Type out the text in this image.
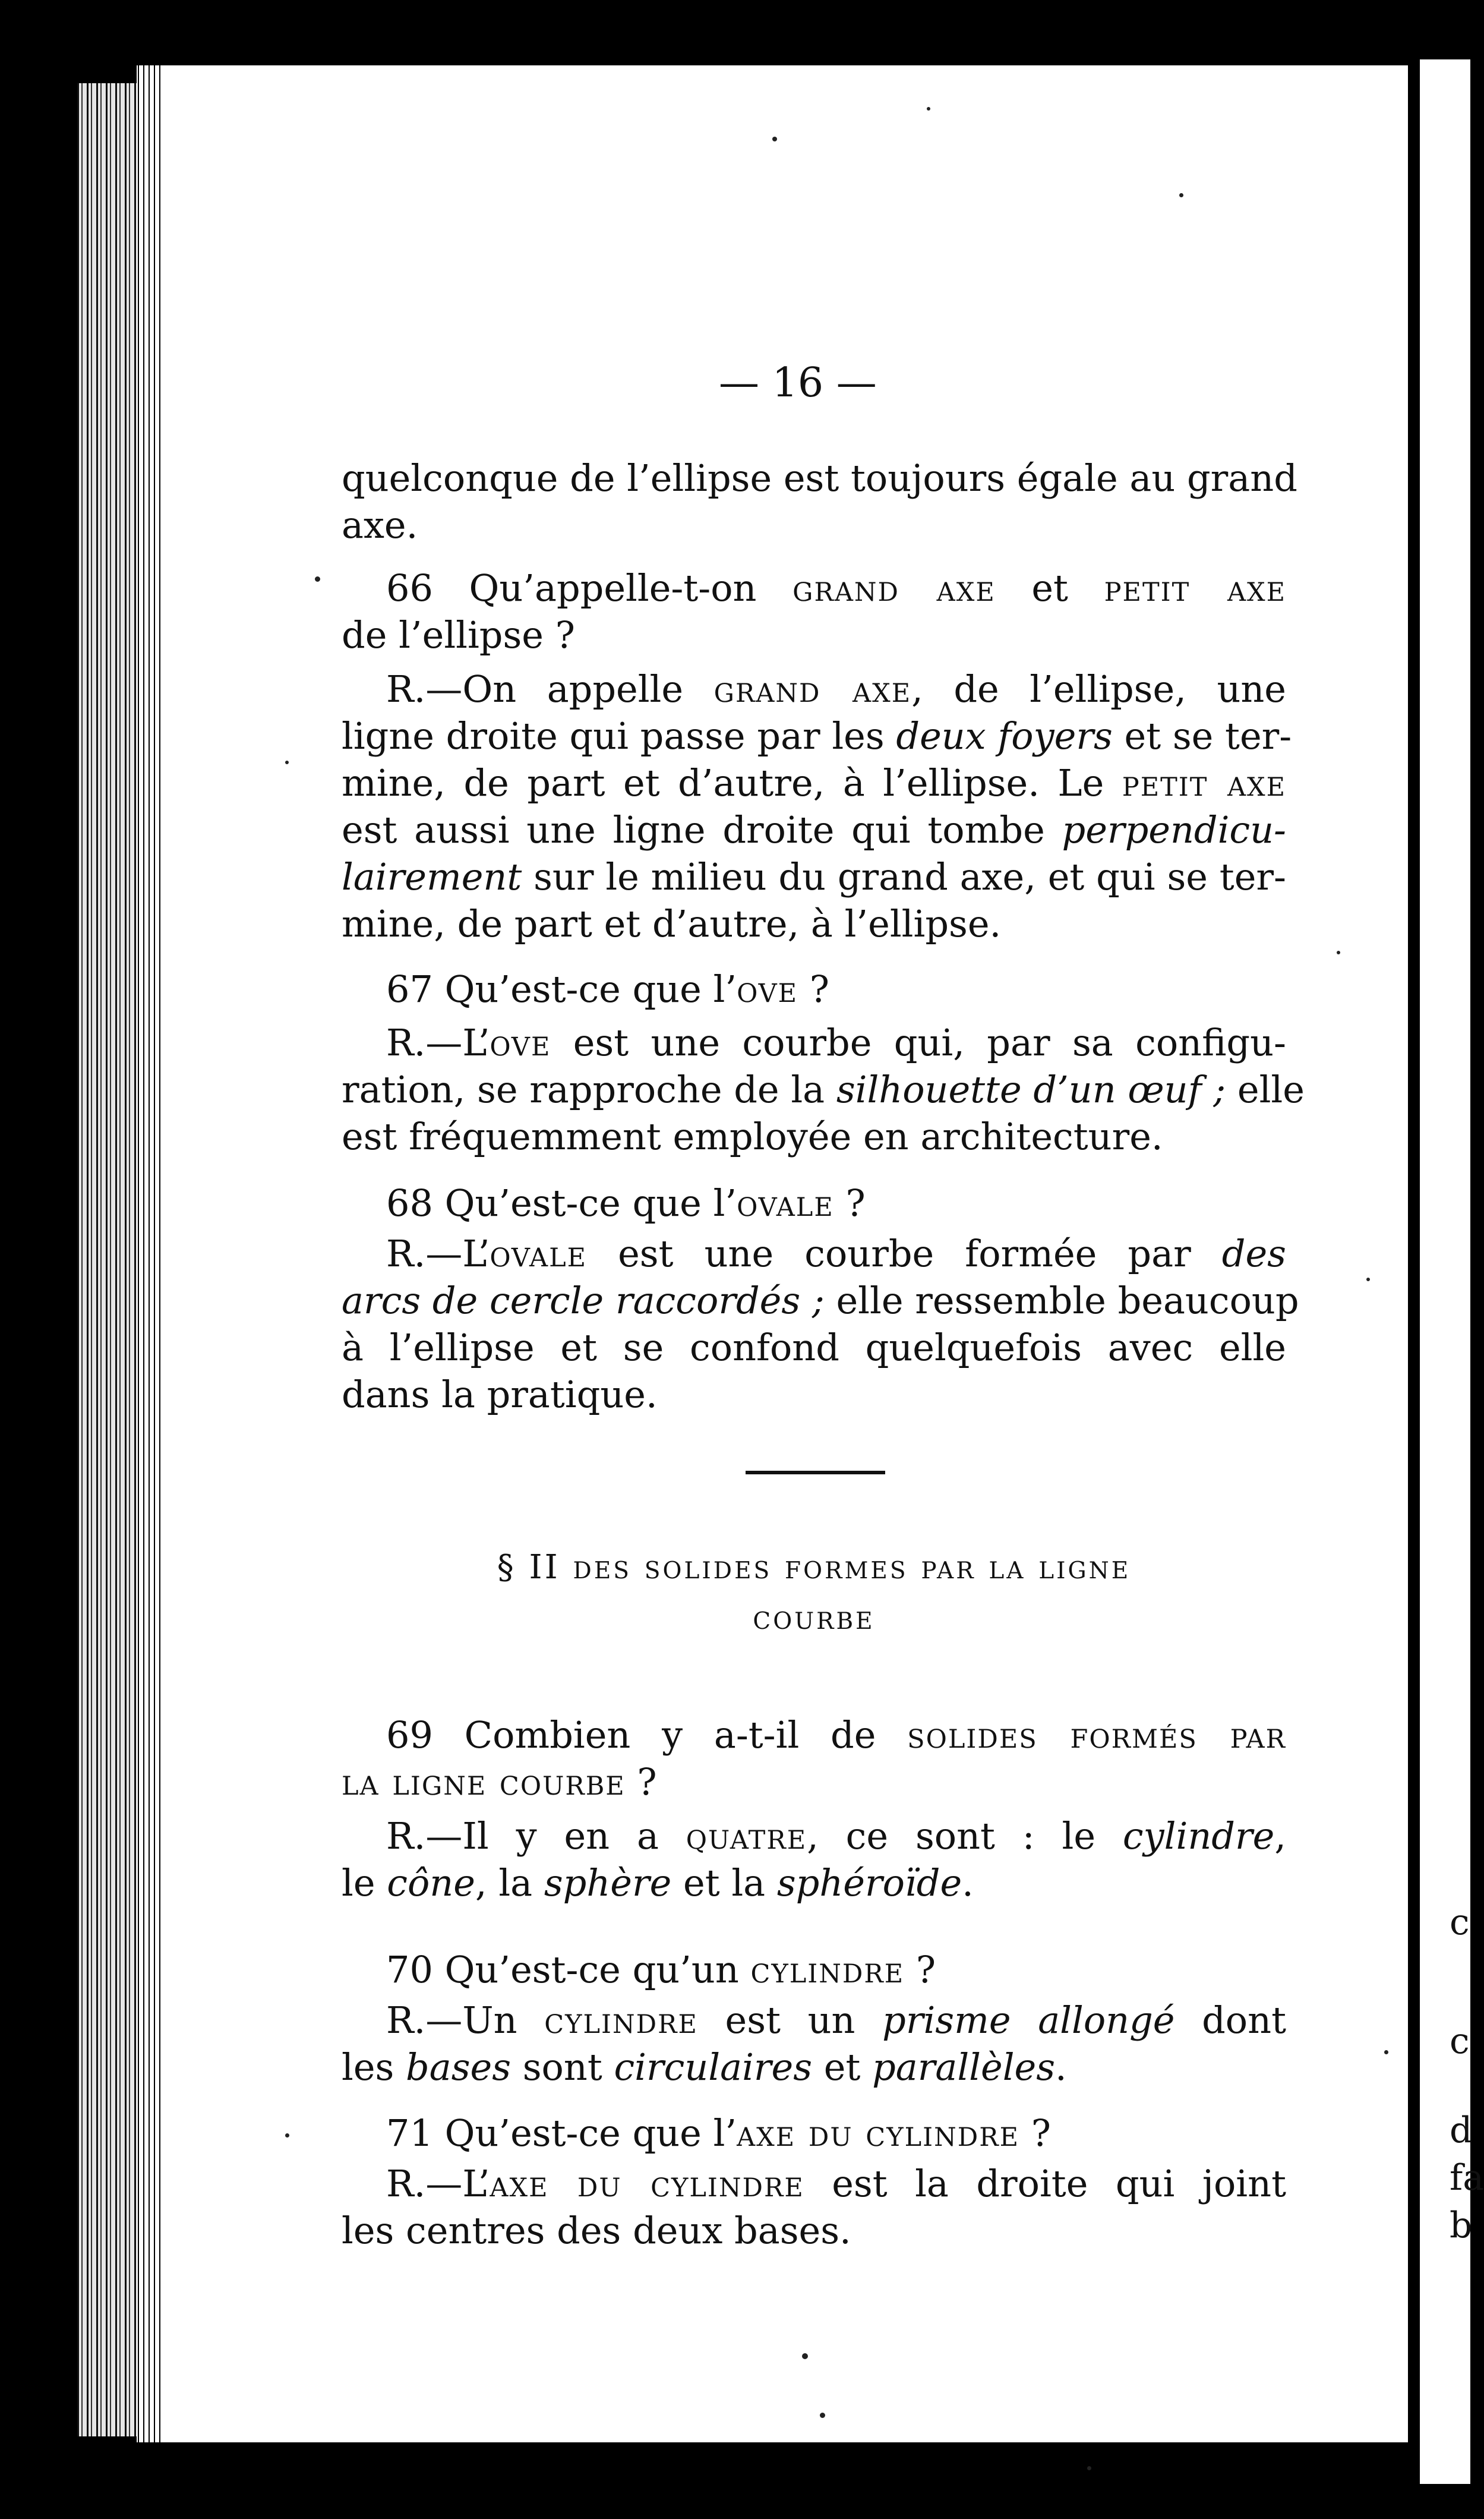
— 16 —
quelconque de l’ellipse est toujours égale au grand
axe.
66 Qu’appelle-t-on grand axe et petit axe
de l’ellipse ?
R.—On appelle grand axe, de l’ellipse, une
ligne droite qui passe par les deux foyers et se ter-
mine, de part et d’autre, à l’ellipse. Le petit axe
est aussi une ligne droite qui tombe perpendicu-
lairement sur le milieu du grand axe, et qui se ter-
mine, de part et d’autre, à l’ellipse.
67 Qu’est-ce que l’ove ?
R.—L’ove est une courbe qui, par sa configu-
ration, se rapproche de la silhouette d’un œuf ; elle
est fréquemment employée en architecture.
68 Qu’est-ce que l’ovale ?
R.—L’ovale est une courbe formée par des
arcs de cercle raccordés ; elle ressemble beaucoup
à l’ellipse et se confond quelquefois avec elle
dans la pratique.
§ II des solides formes par la ligne
courbe
69 Combien y a-t-il de solides formés par
la ligne courbe ?
R.—Il y en a quatre, ce sont : le cylindre,
le cône, la sphère et la sphéroïde.
70 Qu’est-ce qu’un cylindre ?
R.—Un cylindre est un prisme allongé dont
les bases sont circulaires et parallèles.
71 Qu’est-ce que l’axe du cylindre ?
R.—L’axe du cylindre est la droite qui joint
les centres des deux bases.
c
c
d
fa
b
